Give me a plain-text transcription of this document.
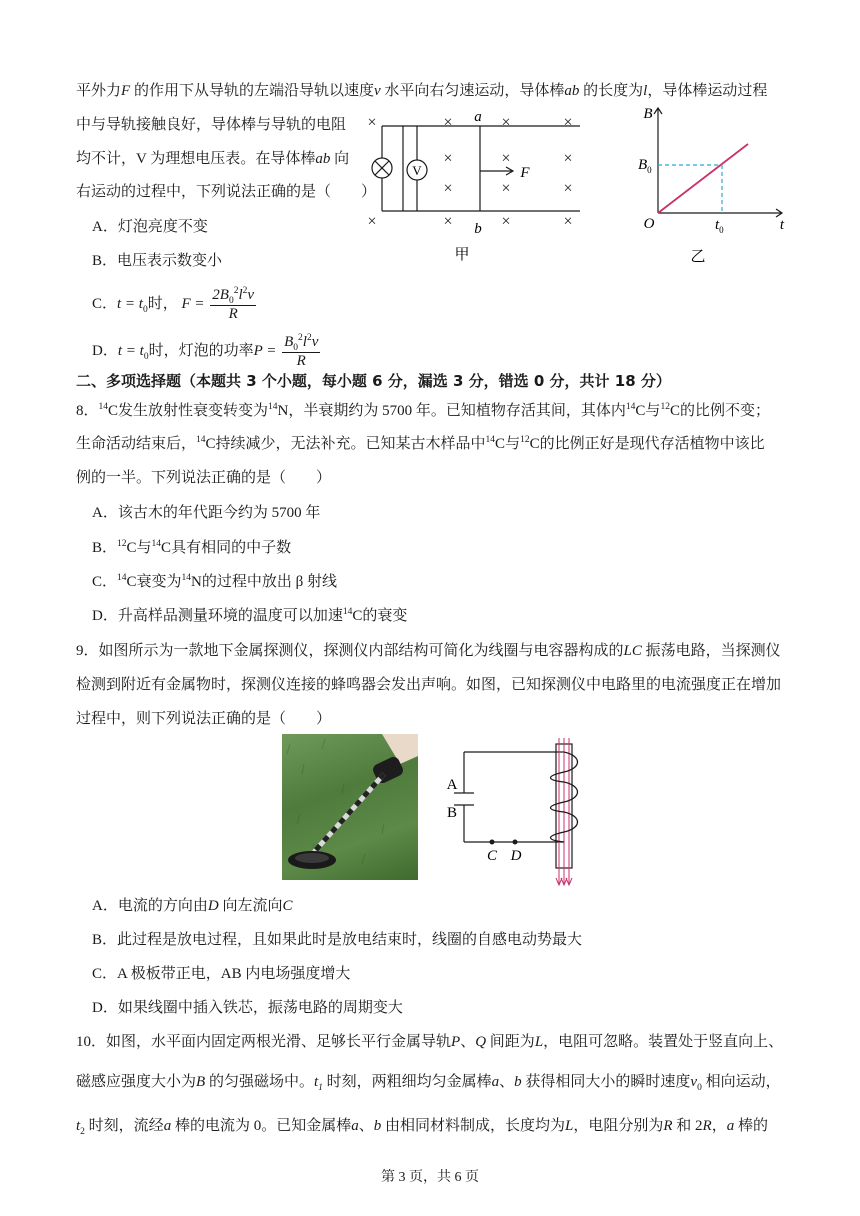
平外力F 的作用下从导轨的左端沿导轨以速度v 水平向右匀速运动，导体棒ab 的长度为l，导体棒运动过程
中与导轨接触良好，导体棒与导轨的电阻
均不计，V 为理想电压表。在导体棒ab 向
右运动的过程中，下列说法正确的是（　　）
A．灯泡亮度不变
B．电压表示数变小
C．$t = t_0$时， $F = \frac{2B_0^2l^2v}{R}$
D．$t = t_0$时，灯泡的功率$P = \frac{B_0^2l^2v}{R}$
V
×	×	×	×
×	×	×
×	×	×
×	×	×	×
a
b
F
甲
B
t
O
$B_0$
$t_0$
乙
二、多项选择题（本题共 3 个小题，每小题 6 分，漏选 3 分，错选 0 分，共计 18 分）
8．$^{14}$C发生放射性衰变转变为$^{14}$N，半衰期约为 5700 年。已知植物存活其间，其体内$^{14}$C与$^{12}$C的比例不变；
生命活动结束后，$^{14}$C持续减少，无法补充。已知某古木样品中$^{14}$C与$^{12}$C的比例正好是现代存活植物中该比
例的一半。下列说法正确的是（　　）
A．该古木的年代距今约为 5700 年
B．$^{12}$C与$^{14}$C具有相同的中子数
C．$^{14}$C衰变为$^{14}$N的过程中放出 β 射线
D．升高样品测量环境的温度可以加速$^{14}$C的衰变
9．如图所示为一款地下金属探测仪，探测仪内部结构可简化为线圈与电容器构成的LC 振荡电路，当探测仪
检测到附近有金属物时，探测仪连接的蜂鸣器会发出声响。如图，已知探测仪中电路里的电流强度正在增加
过程中，则下列说法正确的是（　　）
A
B
C D
A．电流的方向由D 向左流向C
B．此过程是放电过程，且如果此时是放电结束时，线圈的自感电动势最大
C．A 极板带正电，AB 内电场强度增大
D．如果线圈中插入铁芯，振荡电路的周期变大
10．如图，水平面内固定两根光滑、足够长平行金属导轨P、Q 间距为L，电阻可忽略。装置处于竖直向上、
磁感应强度大小为B 的匀强磁场中。$t_1$ 时刻，两粗细均匀金属棒a、b 获得相同大小的瞬时速度$v_0$ 相向运动，
$t_2$ 时刻，流经a 棒的电流为 0。已知金属棒a、b 由相同材料制成，长度均为L，电阻分别为R 和 2R，a 棒的
第 3 页，共 6 页
